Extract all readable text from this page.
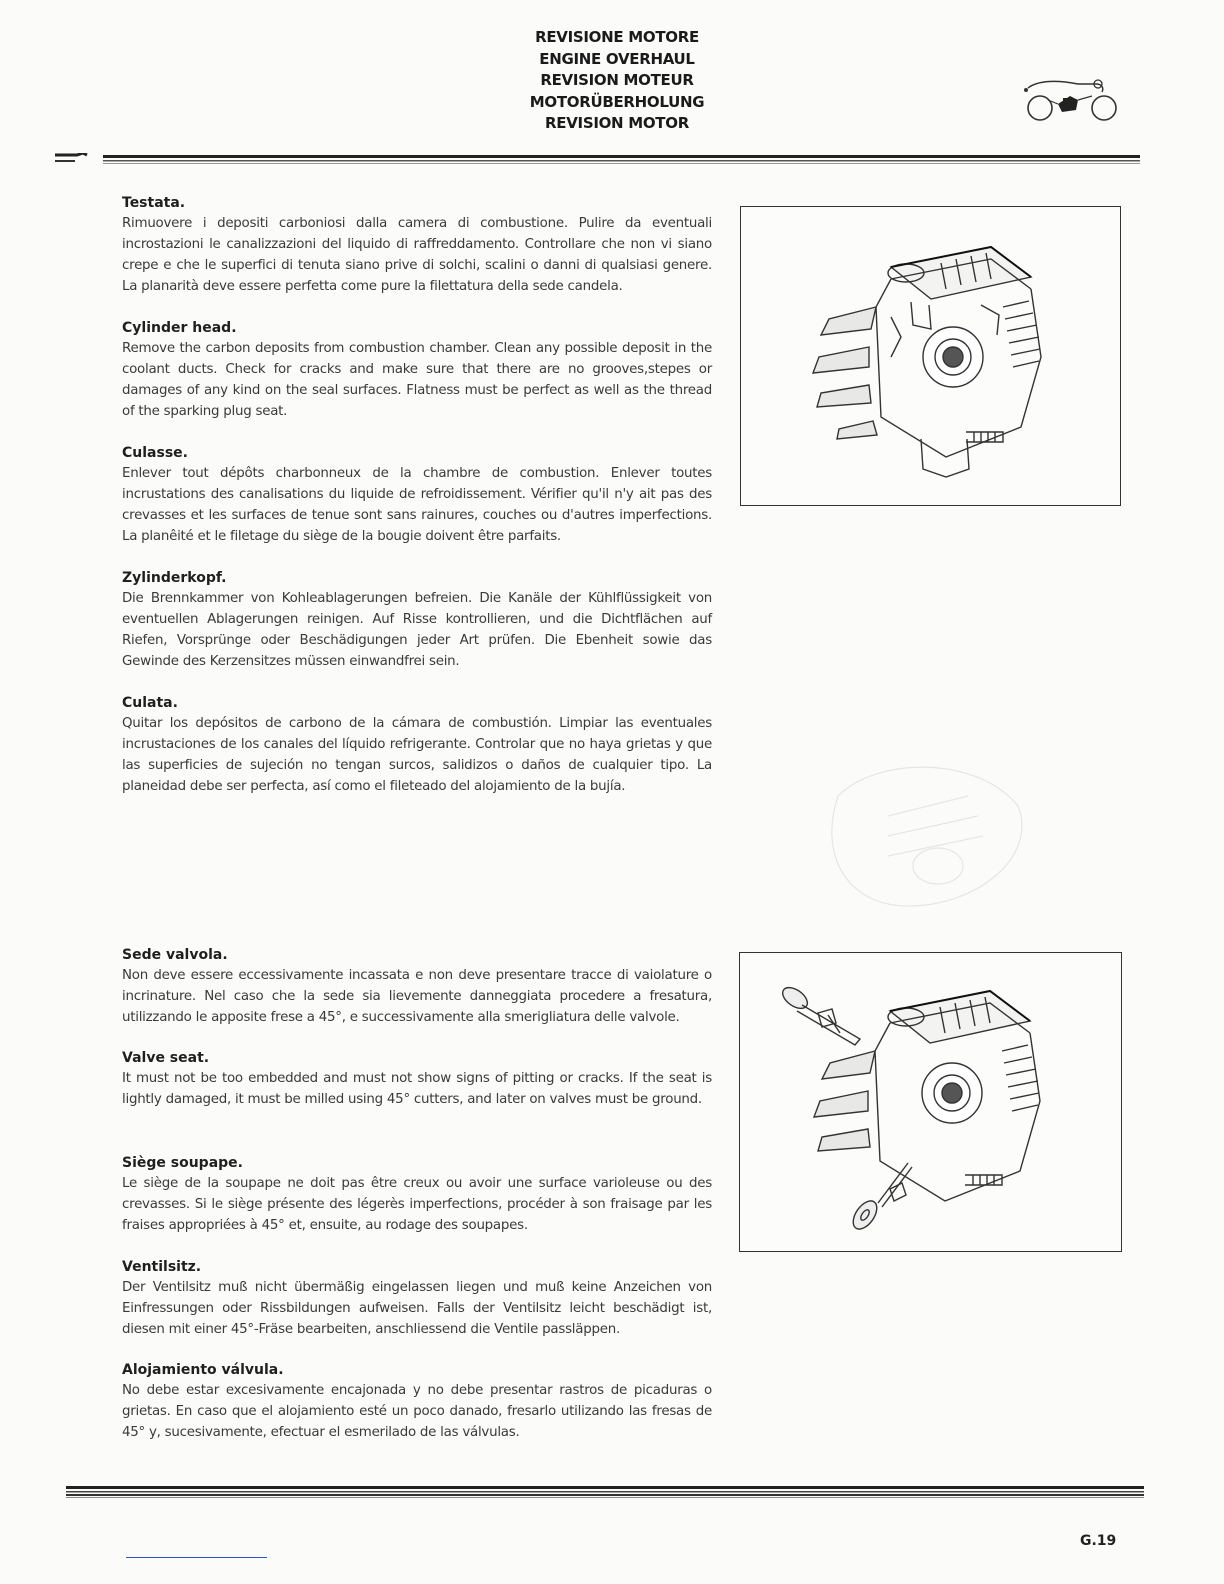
REVISIONE MOTORE
ENGINE OVERHAUL
REVISION MOTEUR
MOTORÜBERHOLUNG
REVISION MOTOR
Testata.

Rimuovere i depositi carboniosi dalla camera di combustione. Pulire da eventuali incrostazioni le canalizzazioni del liquido di raffreddamento. Controllare che non vi siano crepe e che le superfici di tenuta siano prive di solchi, scalini o danni di qualsiasi genere. La planarità deve essere perfetta come pure la filettatura della sede candela.

Cylinder head.

Remove the carbon deposits from combustion chamber. Clean any possible deposit in the coolant ducts. Check for cracks and make sure that there are no grooves,stepes or damages of any kind on the seal surfaces. Flatness must be perfect as well as the thread of the sparking plug seat.

Culasse.

Enlever tout dépôts charbonneux de la chambre de combustion. Enlever toutes incrustations des canalisations du liquide de refroidissement. Vérifier qu'il n'y ait pas des crevasses et les surfaces de tenue sont sans rainures, couches ou d'autres imperfections. La planêité et le filetage du siège de la bougie doivent être parfaits.

Zylinderkopf.

Die Brennkammer von Kohleablagerungen befreien. Die Kanäle der Kühlflüssigkeit von eventuellen Ablagerungen reinigen. Auf Risse kontrollieren, und die Dichtflächen auf Riefen, Vorsprünge oder Beschädigungen jeder Art prüfen. Die Ebenheit sowie das Gewinde des Kerzensitzes müssen einwandfrei sein.

Culata.

Quitar los depósitos de carbono de la cámara de combustión. Limpiar las eventuales incrustaciones de los canales del líquido refrigerante. Controlar que no haya grietas y que las superficies de sujeción no tengan surcos, salidizos o daños de cualquier tipo. La planeidad debe ser perfecta, así como el fileteado del alojamiento de la bujía.

Sede valvola.

Non deve essere eccessivamente incassata e non deve presentare tracce di vaiolature o incrinature. Nel caso che la sede sia lievemente danneggiata procedere a fresatura, utilizzando le apposite frese a 45°, e successivamente alla smerigliatura delle valvole.

Valve seat.

It must not be too embedded and must not show signs of pitting or cracks. If the seat is lightly damaged, it must be milled using 45° cutters, and later on valves must be ground.

Siège soupape.

Le siège de la soupape ne doit pas être creux ou avoir une surface varioleuse ou des crevasses. Si le siège présente des légerès imperfections, procéder à son fraisage par les fraises appropriées à 45° et, ensuite, au rodage des soupapes.

Ventilsitz.

Der Ventilsitz muß nicht übermäßig eingelassen liegen und muß keine Anzeichen von Einfressungen oder Rissbildungen aufweisen. Falls der Ventilsitz leicht beschädigt ist, diesen mit einer 45°-Fräse bearbeiten, anschliessend die Ventile passläppen.

Alojamiento válvula.

No debe estar excesivamente encajonada y no debe presentar rastros de picaduras o grietas. En caso que el alojamiento esté un poco danado, fresarlo utilizando las fresas de 45° y, sucesivamente, efectuar el esmerilado de las válvulas.

G.19
